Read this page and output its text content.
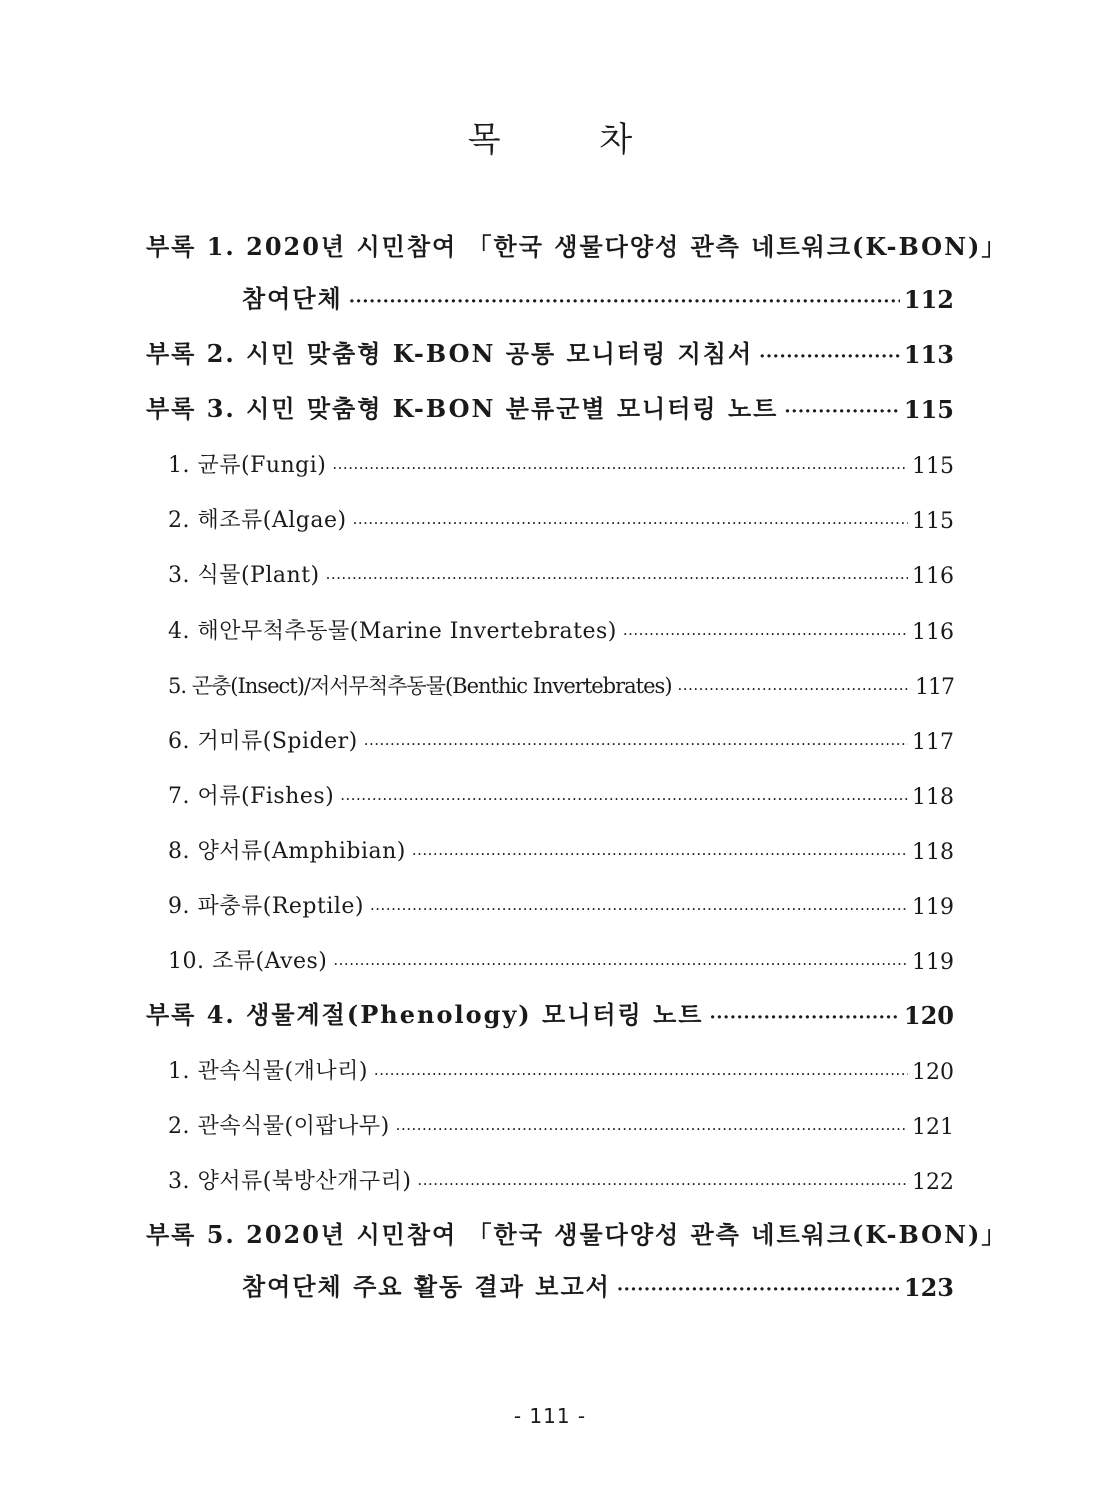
목 차
부록 1. 2020년 시민참여 「한국 생물다양성 관측 네트워크(K-BON)」
참여단체 ·····	112
부록 2. 시민 맞춤형 K-BON 공통 모니터링 지침서 ·····	113
부록 3. 시민 맞춤형 K-BON 분류군별 모니터링 노트 ·····	115
1. 균류(Fungi) ·····	115
2. 해조류(Algae) ·····	115
3. 식물(Plant) ·····	116
4. 해안무척추동물(Marine Invertebrates) ·····	116
5. 곤충(Insect)/저서무척추동물(Benthic Invertebrates) ·····	117
6. 거미류(Spider) ·····	117
7. 어류(Fishes) ·····	118
8. 양서류(Amphibian) ·····	118
9. 파충류(Reptile) ·····	119
10. 조류(Aves) ·····	119
부록 4. 생물계절(Phenology) 모니터링 노트 ·····	120
1. 관속식물(개나리) ·····	120
2. 관속식물(이팝나무) ·····	121
3. 양서류(북방산개구리) ·····	122
부록 5. 2020년 시민참여 「한국 생물다양성 관측 네트워크(K-BON)」
참여단체 주요 활동 결과 보고서 ·····	123
- 111 -
